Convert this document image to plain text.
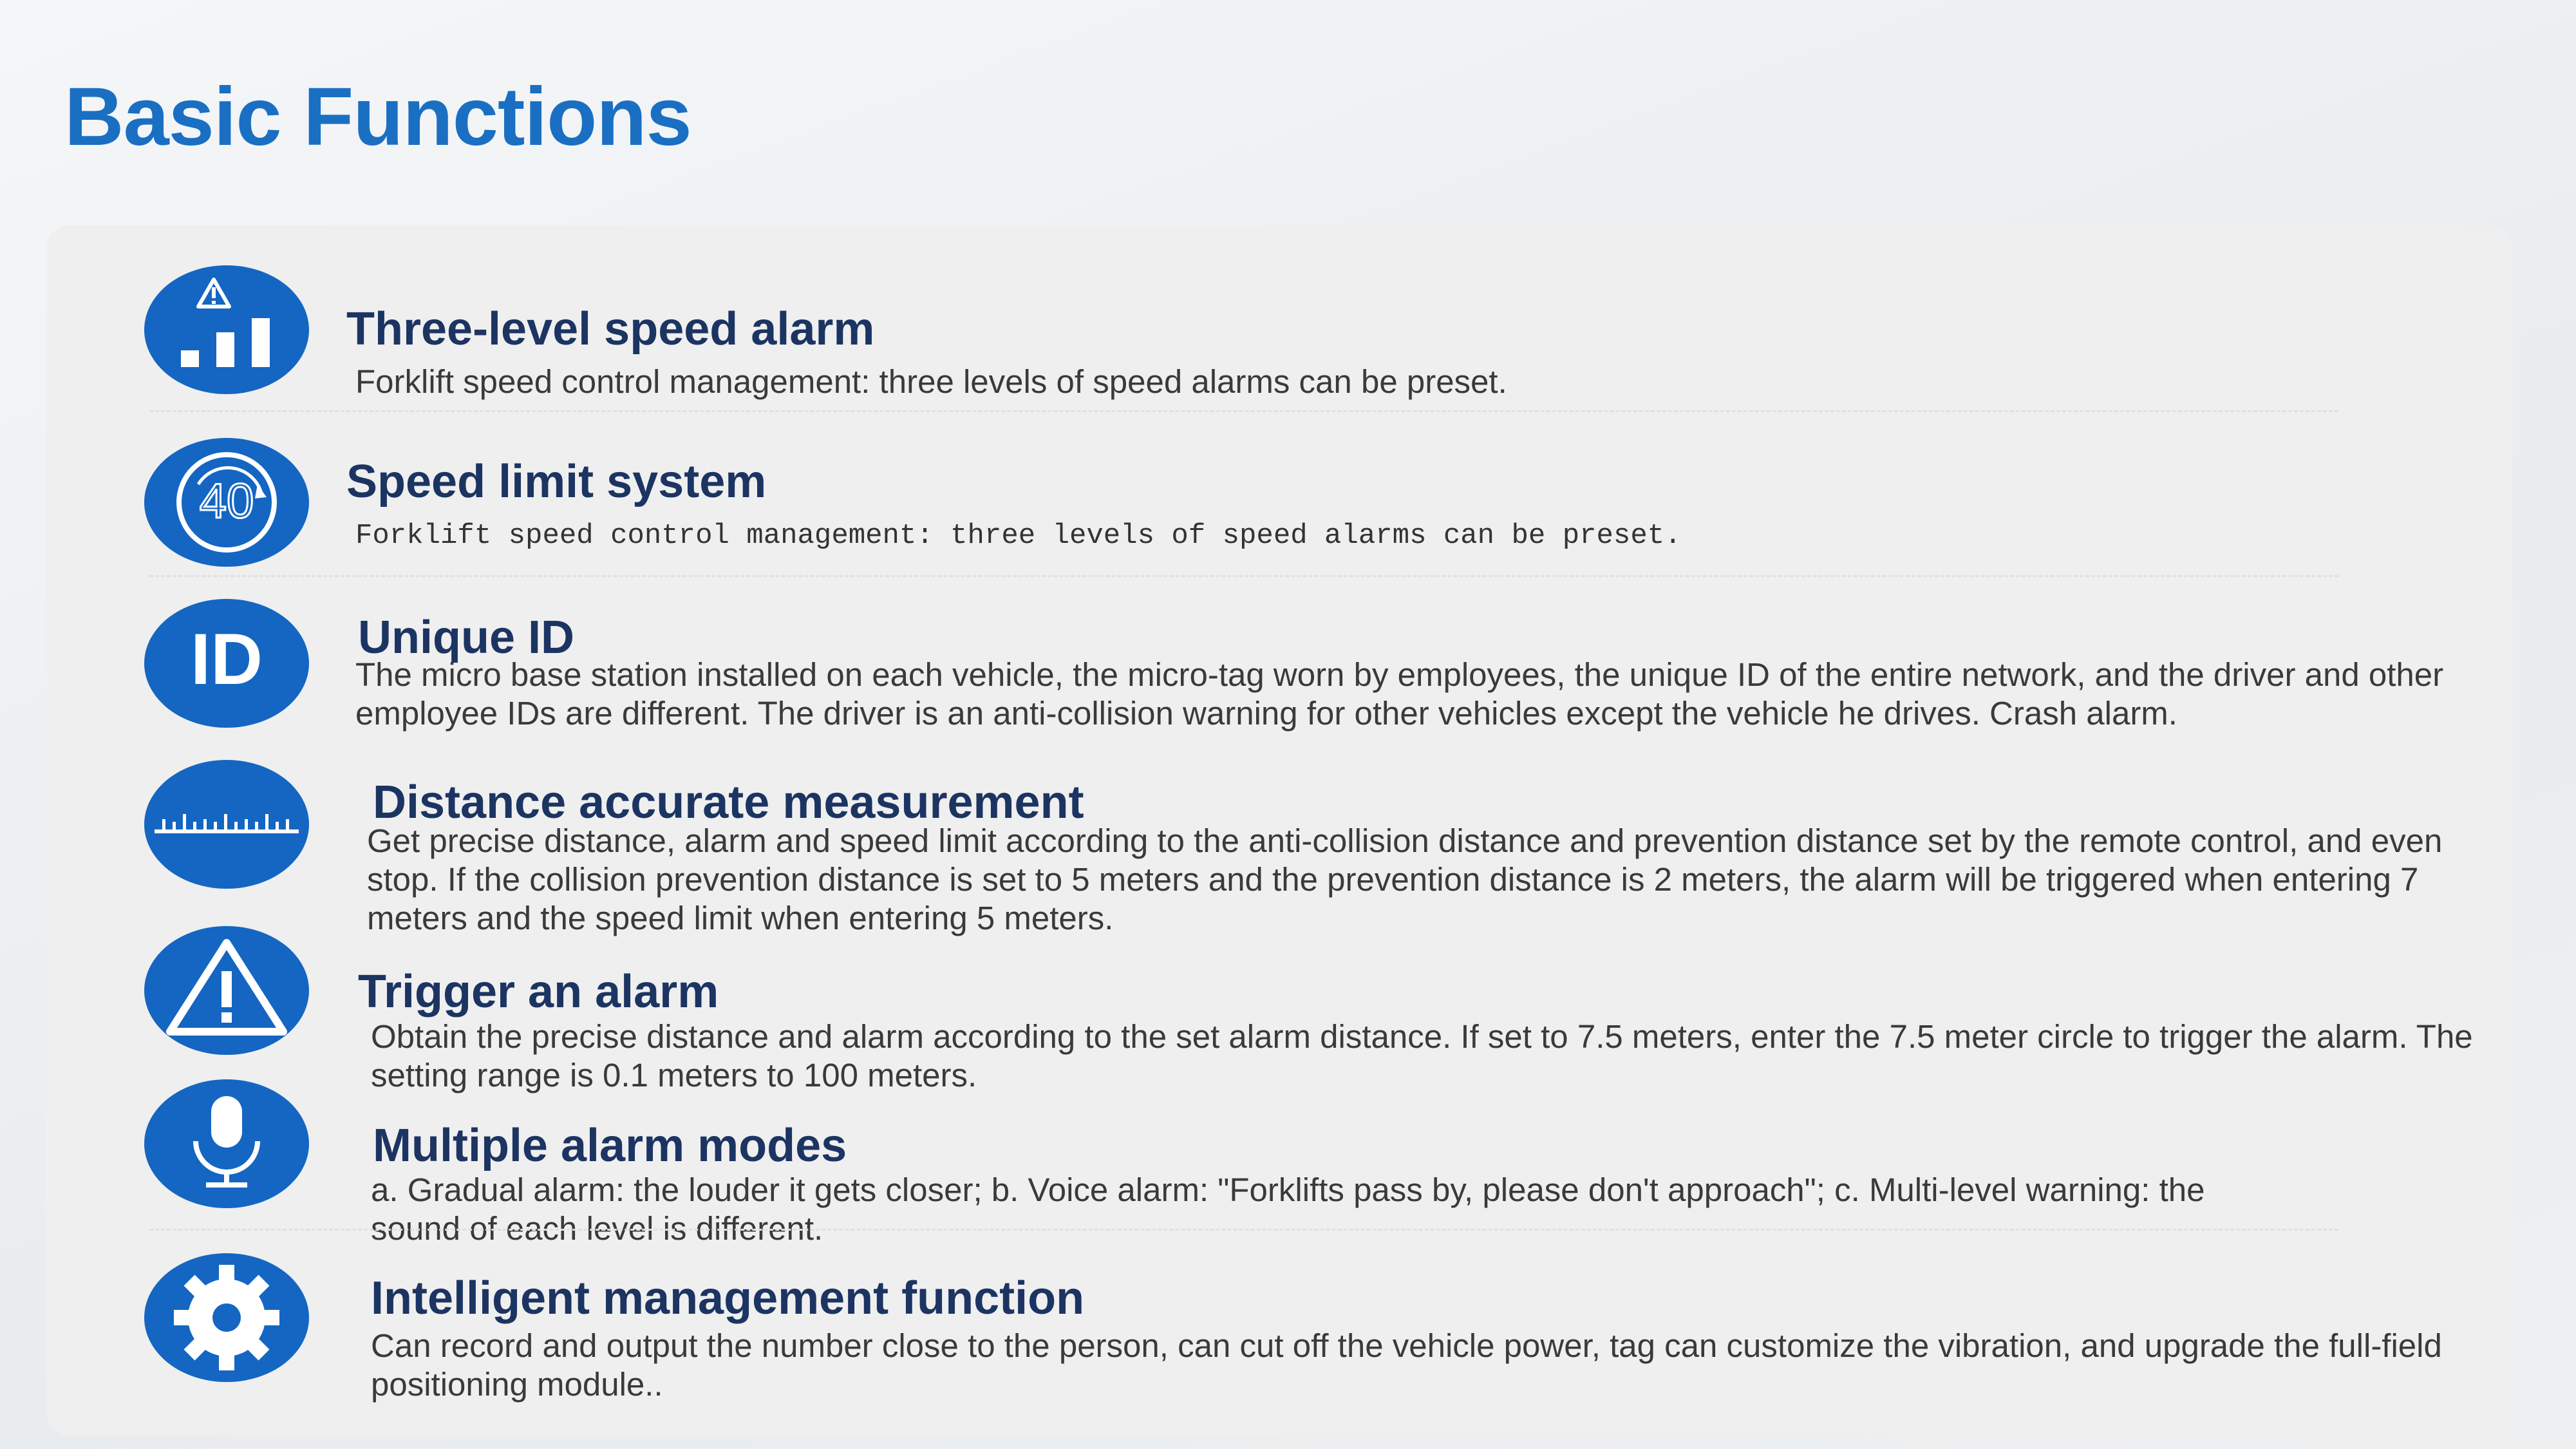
Basic Functions
Three-level speed alarm
Forklift speed control management: three levels of speed alarms can be preset.
40 Speed limit system
Forklift speed control management: three levels of speed alarms can be preset.
ID Unique ID
The micro base station installed on each vehicle, the micro-tag worn by employees, the unique ID of the entire network, and the driver and other employee IDs are different. The driver is an anti-collision warning for other vehicles except the vehicle he drives. Crash alarm.
Distance accurate measurement
Get precise distance, alarm and speed limit according to the anti-collision distance and prevention distance set by the remote control, and even stop. If the collision prevention distance is set to 5 meters and the prevention distance is 2 meters, the alarm will be triggered when entering 7 meters and the speed limit when entering 5 meters.
Trigger an alarm
Obtain the precise distance and alarm according to the set alarm distance. If set to 7.5 meters, enter the 7.5 meter circle to trigger the alarm. The setting range is 0.1 meters to 100 meters.
Multiple alarm modes
a. Gradual alarm: the louder it gets closer; b. Voice alarm: "Forklifts pass by, please don't approach"; c. Multi-level warning: the sound of each level is different.
Intelligent management function
Can record and output the number close to the person, can cut off the vehicle power, tag can customize the vibration, and upgrade the full-field positioning module..
